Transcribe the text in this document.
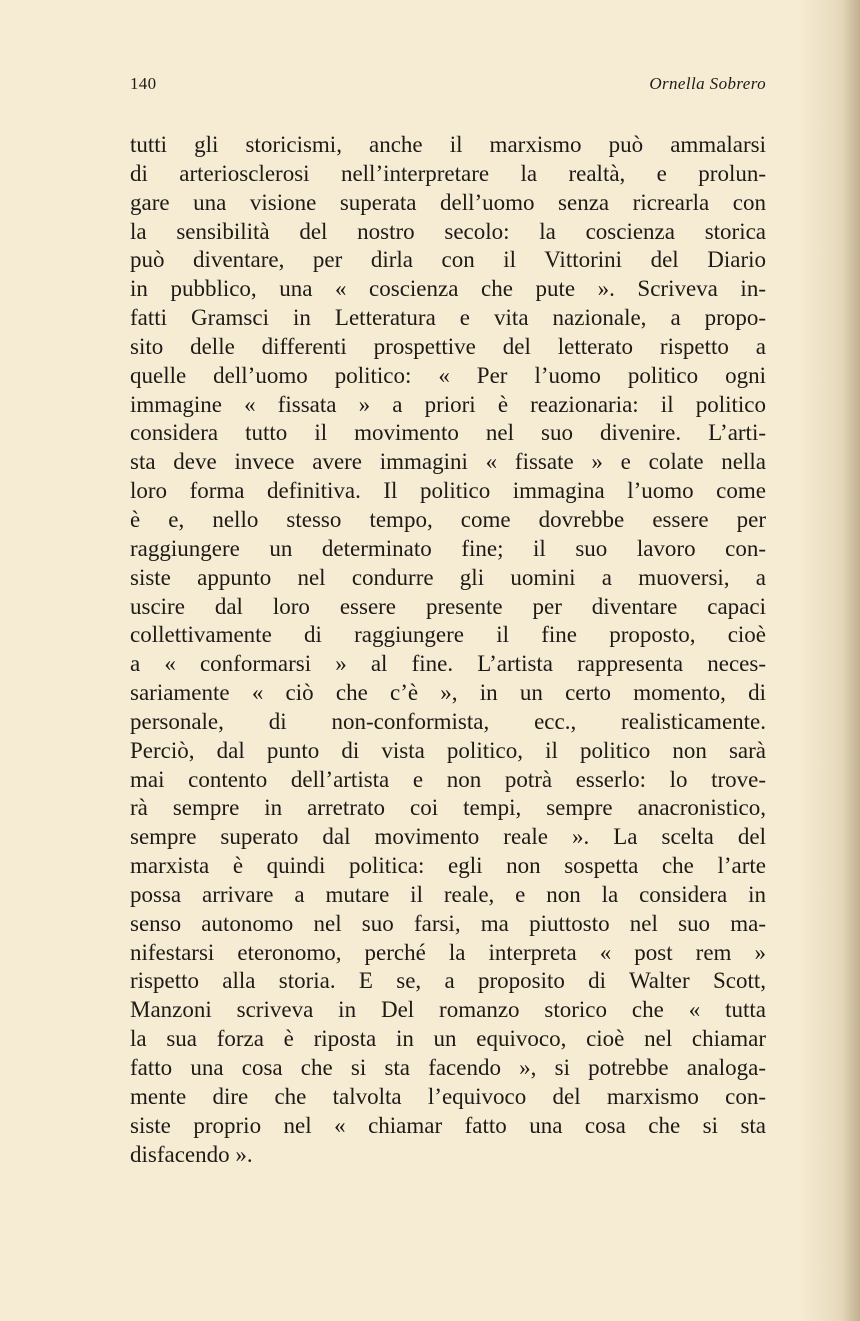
140	Ornella Sobrero
tutti gli storicismi, anche il marxismo può ammalarsi
di arteriosclerosi nell’interpretare la realtà, e prolun-
gare una visione superata dell’uomo senza ricrearla con
la sensibilità del nostro secolo: la coscienza storica
può diventare, per dirla con il Vittorini del Diario
in pubblico, una « coscienza che pute ». Scriveva in-
fatti Gramsci in Letteratura e vita nazionale, a propo-
sito delle differenti prospettive del letterato rispetto a
quelle dell’uomo politico: « Per l’uomo politico ogni
immagine « fissata » a priori è reazionaria: il politico
considera tutto il movimento nel suo divenire. L’arti-
sta deve invece avere immagini « fissate » e colate nella
loro forma definitiva. Il politico immagina l’uomo come
è e, nello stesso tempo, come dovrebbe essere per
raggiungere un determinato fine; il suo lavoro con-
siste appunto nel condurre gli uomini a muoversi, a
uscire dal loro essere presente per diventare capaci
collettivamente di raggiungere il fine proposto, cioè
a « conformarsi » al fine. L’artista rappresenta neces-
sariamente « ciò che c’è », in un certo momento, di
personale, di non-conformista, ecc., realisticamente.
Perciò, dal punto di vista politico, il politico non sarà
mai contento dell’artista e non potrà esserlo: lo trove-
rà sempre in arretrato coi tempi, sempre anacronistico,
sempre superato dal movimento reale ». La scelta del
marxista è quindi politica: egli non sospetta che l’arte
possa arrivare a mutare il reale, e non la considera in
senso autonomo nel suo farsi, ma piuttosto nel suo ma-
nifestarsi eteronomo, perché la interpreta « post rem »
rispetto alla storia. E se, a proposito di Walter Scott,
Manzoni scriveva in Del romanzo storico che « tutta
la sua forza è riposta in un equivoco, cioè nel chiamar
fatto una cosa che si sta facendo », si potrebbe analoga-
mente dire che talvolta l’equivoco del marxismo con-
siste proprio nel « chiamar fatto una cosa che si sta
disfacendo ».
